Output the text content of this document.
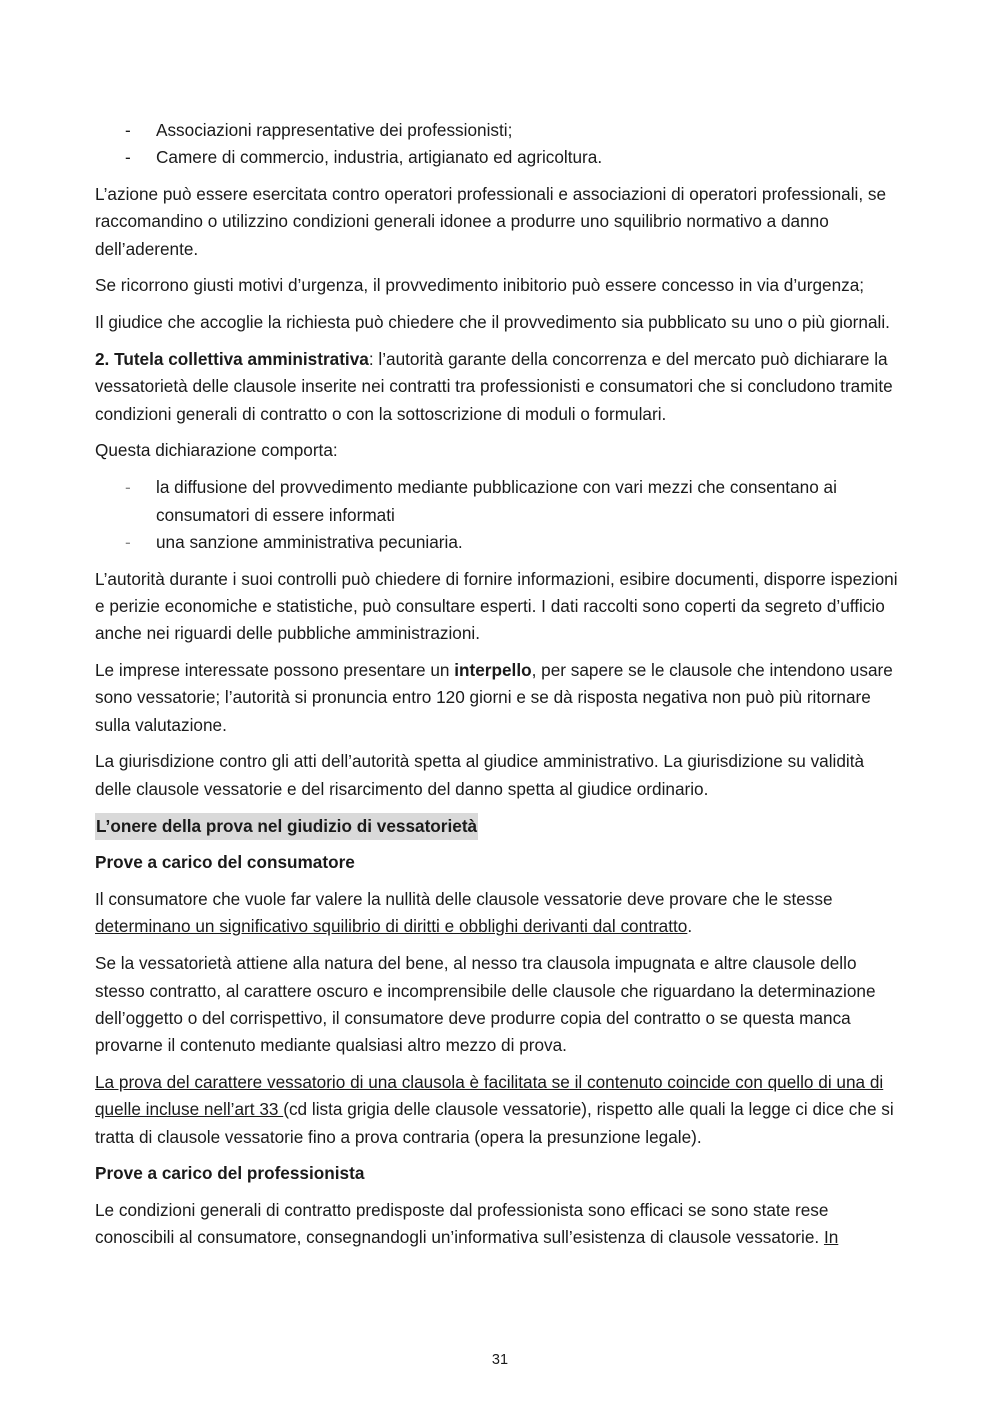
- Associazioni rappresentative dei professionisti;
- Camere di commercio, industria, artigianato ed agricoltura.

L’azione può essere esercitata contro operatori professionali e associazioni di operatori professionali, se raccomandino o utilizzino condizioni generali idonee a produrre uno squilibrio normativo a danno dell’aderente.

Se ricorrono giusti motivi d’urgenza, il provvedimento inibitorio può essere concesso in via d’urgenza;

Il giudice che accoglie la richiesta può chiedere che il provvedimento sia pubblicato su uno o più giornali.

2. Tutela collettiva amministrativa: l’autorità garante della concorrenza e del mercato può dichiarare la vessatorietà delle clausole inserite nei contratti tra professionisti e consumatori che si concludono tramite condizioni generali di contratto o con la sottoscrizione di moduli o formulari.

Questa dichiarazione comporta:

- la diffusione del provvedimento mediante pubblicazione con vari mezzi che consentano ai consumatori di essere informati
- una sanzione amministrativa pecuniaria.

L’autorità durante i suoi controlli può chiedere di fornire informazioni, esibire documenti, disporre ispezioni e perizie economiche e statistiche, può consultare esperti. I dati raccolti sono coperti da segreto d’ufficio anche nei riguardi delle pubbliche amministrazioni.

Le imprese interessate possono presentare un interpello, per sapere se le clausole che intendono usare sono vessatorie; l’autorità si pronuncia entro 120 giorni e se dà risposta negativa non può più ritornare sulla valutazione.

La giurisdizione contro gli atti dell’autorità spetta al giudice amministrativo. La giurisdizione su validità delle clausole vessatorie e del risarcimento del danno spetta al giudice ordinario.

L’onere della prova nel giudizio di vessatorietà

Prove a carico del consumatore

Il consumatore che vuole far valere la nullità delle clausole vessatorie deve provare che le stesse determinano un significativo squilibrio di diritti e obblighi derivanti dal contratto.

Se la vessatorietà attiene alla natura del bene, al nesso tra clausola impugnata e altre clausole dello stesso contratto, al carattere oscuro e incomprensibile delle clausole che riguardano la determinazione dell’oggetto o del corrispettivo, il consumatore deve produrre copia del contratto o se questa manca provarne il contenuto mediante qualsiasi altro mezzo di prova.

La prova del carattere vessatorio di una clausola è facilitata se il contenuto coincide con quello di una di quelle incluse nell’art 33 (cd lista grigia delle clausole vessatorie), rispetto alle quali la legge ci dice che si tratta di clausole vessatorie fino a prova contraria (opera la presunzione legale).

Prove a carico del professionista

Le condizioni generali di contratto predisposte dal professionista sono efficaci se sono state rese conoscibili al consumatore, consegnandogli un’informativa sull’esistenza di clausole vessatorie. In

31
